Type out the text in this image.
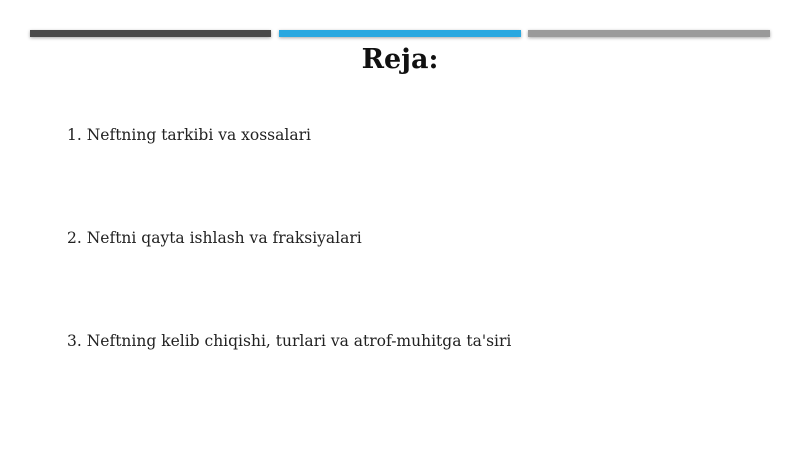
Reja:
1. Neftning tarkibi va xossalari
2. Neftni qayta ishlash va fraksiyalari
3. Neftning kelib chiqishi, turlari va atrof-muhitga ta'siri
